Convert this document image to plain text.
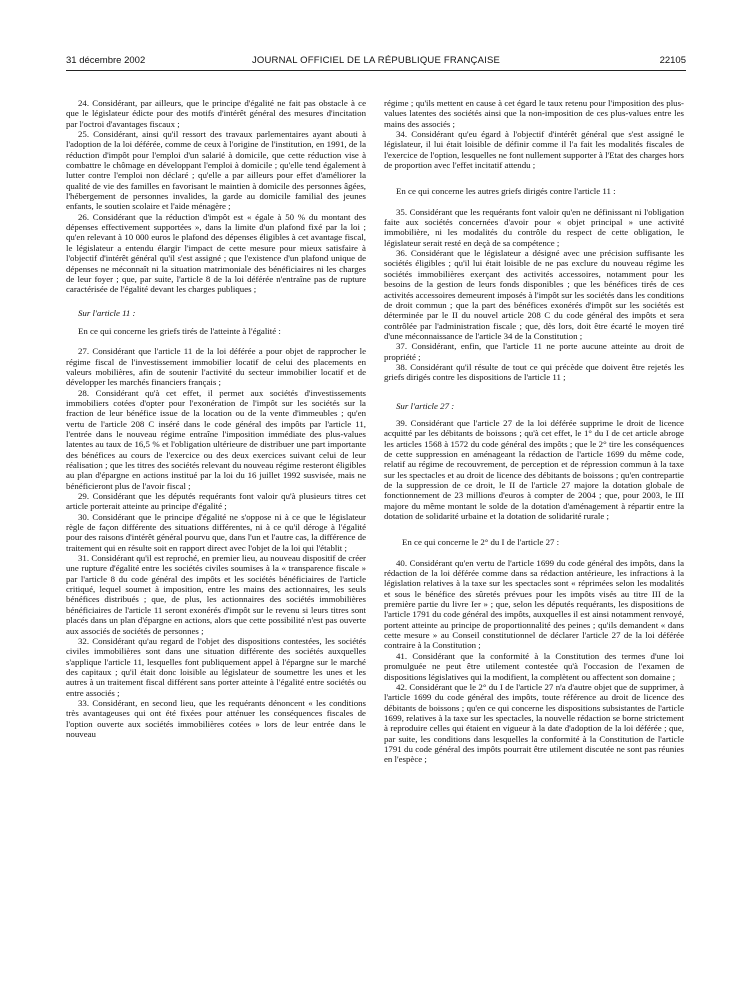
31 décembre 2002	JOURNAL OFFICIEL DE LA RÉPUBLIQUE FRANÇAISE	22105

24. Considérant, par ailleurs, que le principe d'égalité ne fait pas obstacle à ce que le législateur édicte pour des motifs d'intérêt général des mesures d'incitation par l'octroi d'avantages fiscaux ;

25. Considérant, ainsi qu'il ressort des travaux parlementaires ayant abouti à l'adoption de la loi déférée, comme de ceux à l'origine de l'institution, en 1991, de la réduction d'impôt pour l'emploi d'un salarié à domicile, que cette réduction vise à combattre le chômage en développant l'emploi à domicile ; qu'elle tend également à lutter contre l'emploi non déclaré ; qu'elle a par ailleurs pour effet d'améliorer la qualité de vie des familles en favorisant le maintien à domicile des personnes âgées, l'hébergement de personnes invalides, la garde au domicile familial des jeunes enfants, le soutien scolaire et l'aide ménagère ;

26. Considérant que la réduction d'impôt est « égale à 50 % du montant des dépenses effectivement supportées », dans la limite d'un plafond fixé par la loi ; qu'en relevant à 10 000 euros le plafond des dépenses éligibles à cet avantage fiscal, le législateur a entendu élargir l'impact de cette mesure pour mieux satisfaire à l'objectif d'intérêt général qu'il s'est assigné ; que l'existence d'un plafond unique de dépenses ne méconnaît ni la situation matrimoniale des bénéficiaires ni les charges de leur foyer ; que, par suite, l'article 8 de la loi déférée n'entraîne pas de rupture caractérisée de l'égalité devant les charges publiques ;

Sur l'article 11 :

En ce qui concerne les griefs tirés de l'atteinte à l'égalité :

27. Considérant que l'article 11 de la loi déférée a pour objet de rapprocher le régime fiscal de l'investissement immobilier locatif de celui des placements en valeurs mobilières, afin de soutenir l'activité du secteur immobilier locatif et de développer les marchés financiers français ;

28. Considérant qu'à cet effet, il permet aux sociétés d'investissements immobiliers cotées d'opter pour l'exonération de l'impôt sur les sociétés sur la fraction de leur bénéfice issue de la location ou de la vente d'immeubles ; qu'en vertu de l'article 208 C inséré dans le code général des impôts par l'article 11, l'entrée dans le nouveau régime entraîne l'imposition immédiate des plus-values latentes au taux de 16,5 % et l'obligation ultérieure de distribuer une part importante des bénéfices au cours de l'exercice ou des deux exercices suivant celui de leur réalisation ; que les titres des sociétés relevant du nouveau régime resteront éligibles au plan d'épargne en actions institué par la loi du 16 juillet 1992 susvisée, mais ne bénéficieront plus de l'avoir fiscal ;

29. Considérant que les députés requérants font valoir qu'à plusieurs titres cet article porterait atteinte au principe d'égalité ;

30. Considérant que le principe d'égalité ne s'oppose ni à ce que le législateur règle de façon différente des situations différentes, ni à ce qu'il déroge à l'égalité pour des raisons d'intérêt général pourvu que, dans l'un et l'autre cas, la différence de traitement qui en résulte soit en rapport direct avec l'objet de la loi qui l'établit ;

31. Considérant qu'il est reproché, en premier lieu, au nouveau dispositif de créer une rupture d'égalité entre les sociétés civiles soumises à la « transparence fiscale » par l'article 8 du code général des impôts et les sociétés bénéficiaires de l'article critiqué, lequel soumet à imposition, entre les mains des actionnaires, les seuls bénéfices distribués ; que, de plus, les actionnaires des sociétés immobilières bénéficiaires de l'article 11 seront exonérés d'impôt sur le revenu si leurs titres sont placés dans un plan d'épargne en actions, alors que cette possibilité n'est pas ouverte aux associés de sociétés de personnes ;

32. Considérant qu'au regard de l'objet des dispositions contestées, les sociétés civiles immobilières sont dans une situation différente des sociétés auxquelles s'applique l'article 11, lesquelles font publiquement appel à l'épargne sur le marché des capitaux ; qu'il était donc loisible au législateur de soumettre les unes et les autres à un traitement fiscal différent sans porter atteinte à l'égalité entre sociétés ou entre associés ;

33. Considérant, en second lieu, que les requérants dénoncent « les conditions très avantageuses qui ont été fixées pour atténuer les conséquences fiscales de l'option ouverte aux sociétés immobilières cotées » lors de leur entrée dans le nouveau

régime ; qu'ils mettent en cause à cet égard le taux retenu pour l'imposition des plus-values latentes des sociétés ainsi que la non-imposition de ces plus-values entre les mains des associés ;

34. Considérant qu'eu égard à l'objectif d'intérêt général que s'est assigné le législateur, il lui était loisible de définir comme il l'a fait les modalités fiscales de l'exercice de l'option, lesquelles ne font nullement supporter à l'Etat des charges hors de proportion avec l'effet incitatif attendu ;

En ce qui concerne les autres griefs dirigés contre l'article 11 :

35. Considérant que les requérants font valoir qu'en ne définissant ni l'obligation faite aux sociétés concernées d'avoir pour « objet principal » une activité immobilière, ni les modalités du contrôle du respect de cette obligation, le législateur serait resté en deçà de sa compétence ;

36. Considérant que le législateur a désigné avec une précision suffisante les sociétés éligibles ; qu'il lui était loisible de ne pas exclure du nouveau régime les sociétés immobilières exerçant des activités accessoires, notamment pour les besoins de la gestion de leurs fonds disponibles ; que les bénéfices tirés de ces activités accessoires demeurent imposés à l'impôt sur les sociétés dans les conditions de droit commun ; que la part des bénéfices exonérés d'impôt sur les sociétés est déterminée par le II du nouvel article 208 C du code général des impôts et sera contrôlée par l'administration fiscale ; que, dès lors, doit être écarté le moyen tiré d'une méconnaissance de l'article 34 de la Constitution ;

37. Considérant, enfin, que l'article 11 ne porte aucune atteinte au droit de propriété ;

38. Considérant qu'il résulte de tout ce qui précède que doivent être rejetés les griefs dirigés contre les dispositions de l'article 11 ;

Sur l'article 27 :

39. Considérant que l'article 27 de la loi déférée supprime le droit de licence acquitté par les débitants de boissons ; qu'à cet effet, le 1° du I de cet article abroge les articles 1568 à 1572 du code général des impôts ; que le 2° tire les conséquences de cette suppression en aménageant la rédaction de l'article 1699 du même code, relatif au régime de recouvrement, de perception et de répression commun à la taxe sur les spectacles et au droit de licence des débitants de boissons ; qu'en contrepartie de la suppression de ce droit, le II de l'article 27 majore la dotation globale de fonctionnement de 23 millions d'euros à compter de 2004 ; que, pour 2003, le III majore du même montant le solde de la dotation d'aménagement à répartir entre la dotation de solidarité urbaine et la dotation de solidarité rurale ;

En ce qui concerne le 2° du I de l'article 27 :

40. Considérant qu'en vertu de l'article 1699 du code général des impôts, dans la rédaction de la loi déférée comme dans sa rédaction antérieure, les infractions à la législation relatives à la taxe sur les spectacles sont « réprimées selon les modalités et sous le bénéfice des sûretés prévues pour les impôts visés au titre III de la première partie du livre Ier » ; que, selon les députés requérants, les dispositions de l'article 1791 du code général des impôts, auxquelles il est ainsi notamment renvoyé, portent atteinte au principe de proportionnalité des peines ; qu'ils demandent « dans cette mesure » au Conseil constitutionnel de déclarer l'article 27 de la loi déférée contraire à la Constitution ;

41. Considérant que la conformité à la Constitution des termes d'une loi promulguée ne peut être utilement contestée qu'à l'occasion de l'examen de dispositions législatives qui la modifient, la complètent ou affectent son domaine ;

42. Considérant que le 2° du I de l'article 27 n'a d'autre objet que de supprimer, à l'article 1699 du code général des impôts, toute référence au droit de licence des débitants de boissons ; qu'en ce qui concerne les dispositions subsistantes de l'article 1699, relatives à la taxe sur les spectacles, la nouvelle rédaction se borne strictement à reproduire celles qui étaient en vigueur à la date d'adoption de la loi déférée ; que, par suite, les conditions dans lesquelles la conformité à la Constitution de l'article 1791 du code général des impôts pourrait être utilement discutée ne sont pas réunies en l'espèce ;
